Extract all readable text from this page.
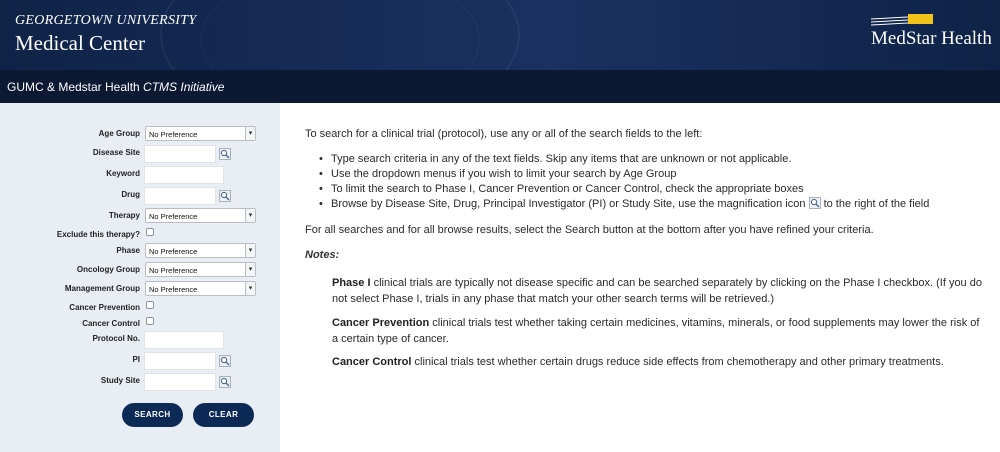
GEORGETOWN UNIVERSITY
Medical Center	MedStar Health
GUMC & Medstar Health CTMS Initiative
Age Group	No Preference	▾
Disease Site
Keyword
Drug
Therapy	No Preference	▾
Exclude this therapy?
Phase	No Preference	▾
Oncology Group	No Preference	▾
Management Group	No Preference	▾
Cancer Prevention
Cancer Control
Protocol No.
PI
Study Site
SEARCH	CLEAR
To search for a clinical trial (protocol), use any or all of the search fields to the left:
• Type search criteria in any of the text fields. Skip any items that are unknown or not applicable.
• Use the dropdown menus if you wish to limit your search by Age Group
• To limit the search to Phase I, Cancer Prevention or Cancer Control, check the appropriate boxes
• Browse by Disease Site, Drug, Principal Investigator (PI) or Study Site, use the magnification icon  to the right of the field
For all searches and for all browse results, select the Search button at the bottom after you have refined your criteria.
Notes:
Phase I clinical trials are typically not disease specific and can be searched separately by clicking on the Phase I checkbox. (If you do not select Phase I, trials in any phase that match your other search terms will be retrieved.)
Cancer Prevention clinical trials test whether taking certain medicines, vitamins, minerals, or food supplements may lower the risk of a certain type of cancer.
Cancer Control clinical trials test whether certain drugs reduce side effects from chemotherapy and other primary treatments.
